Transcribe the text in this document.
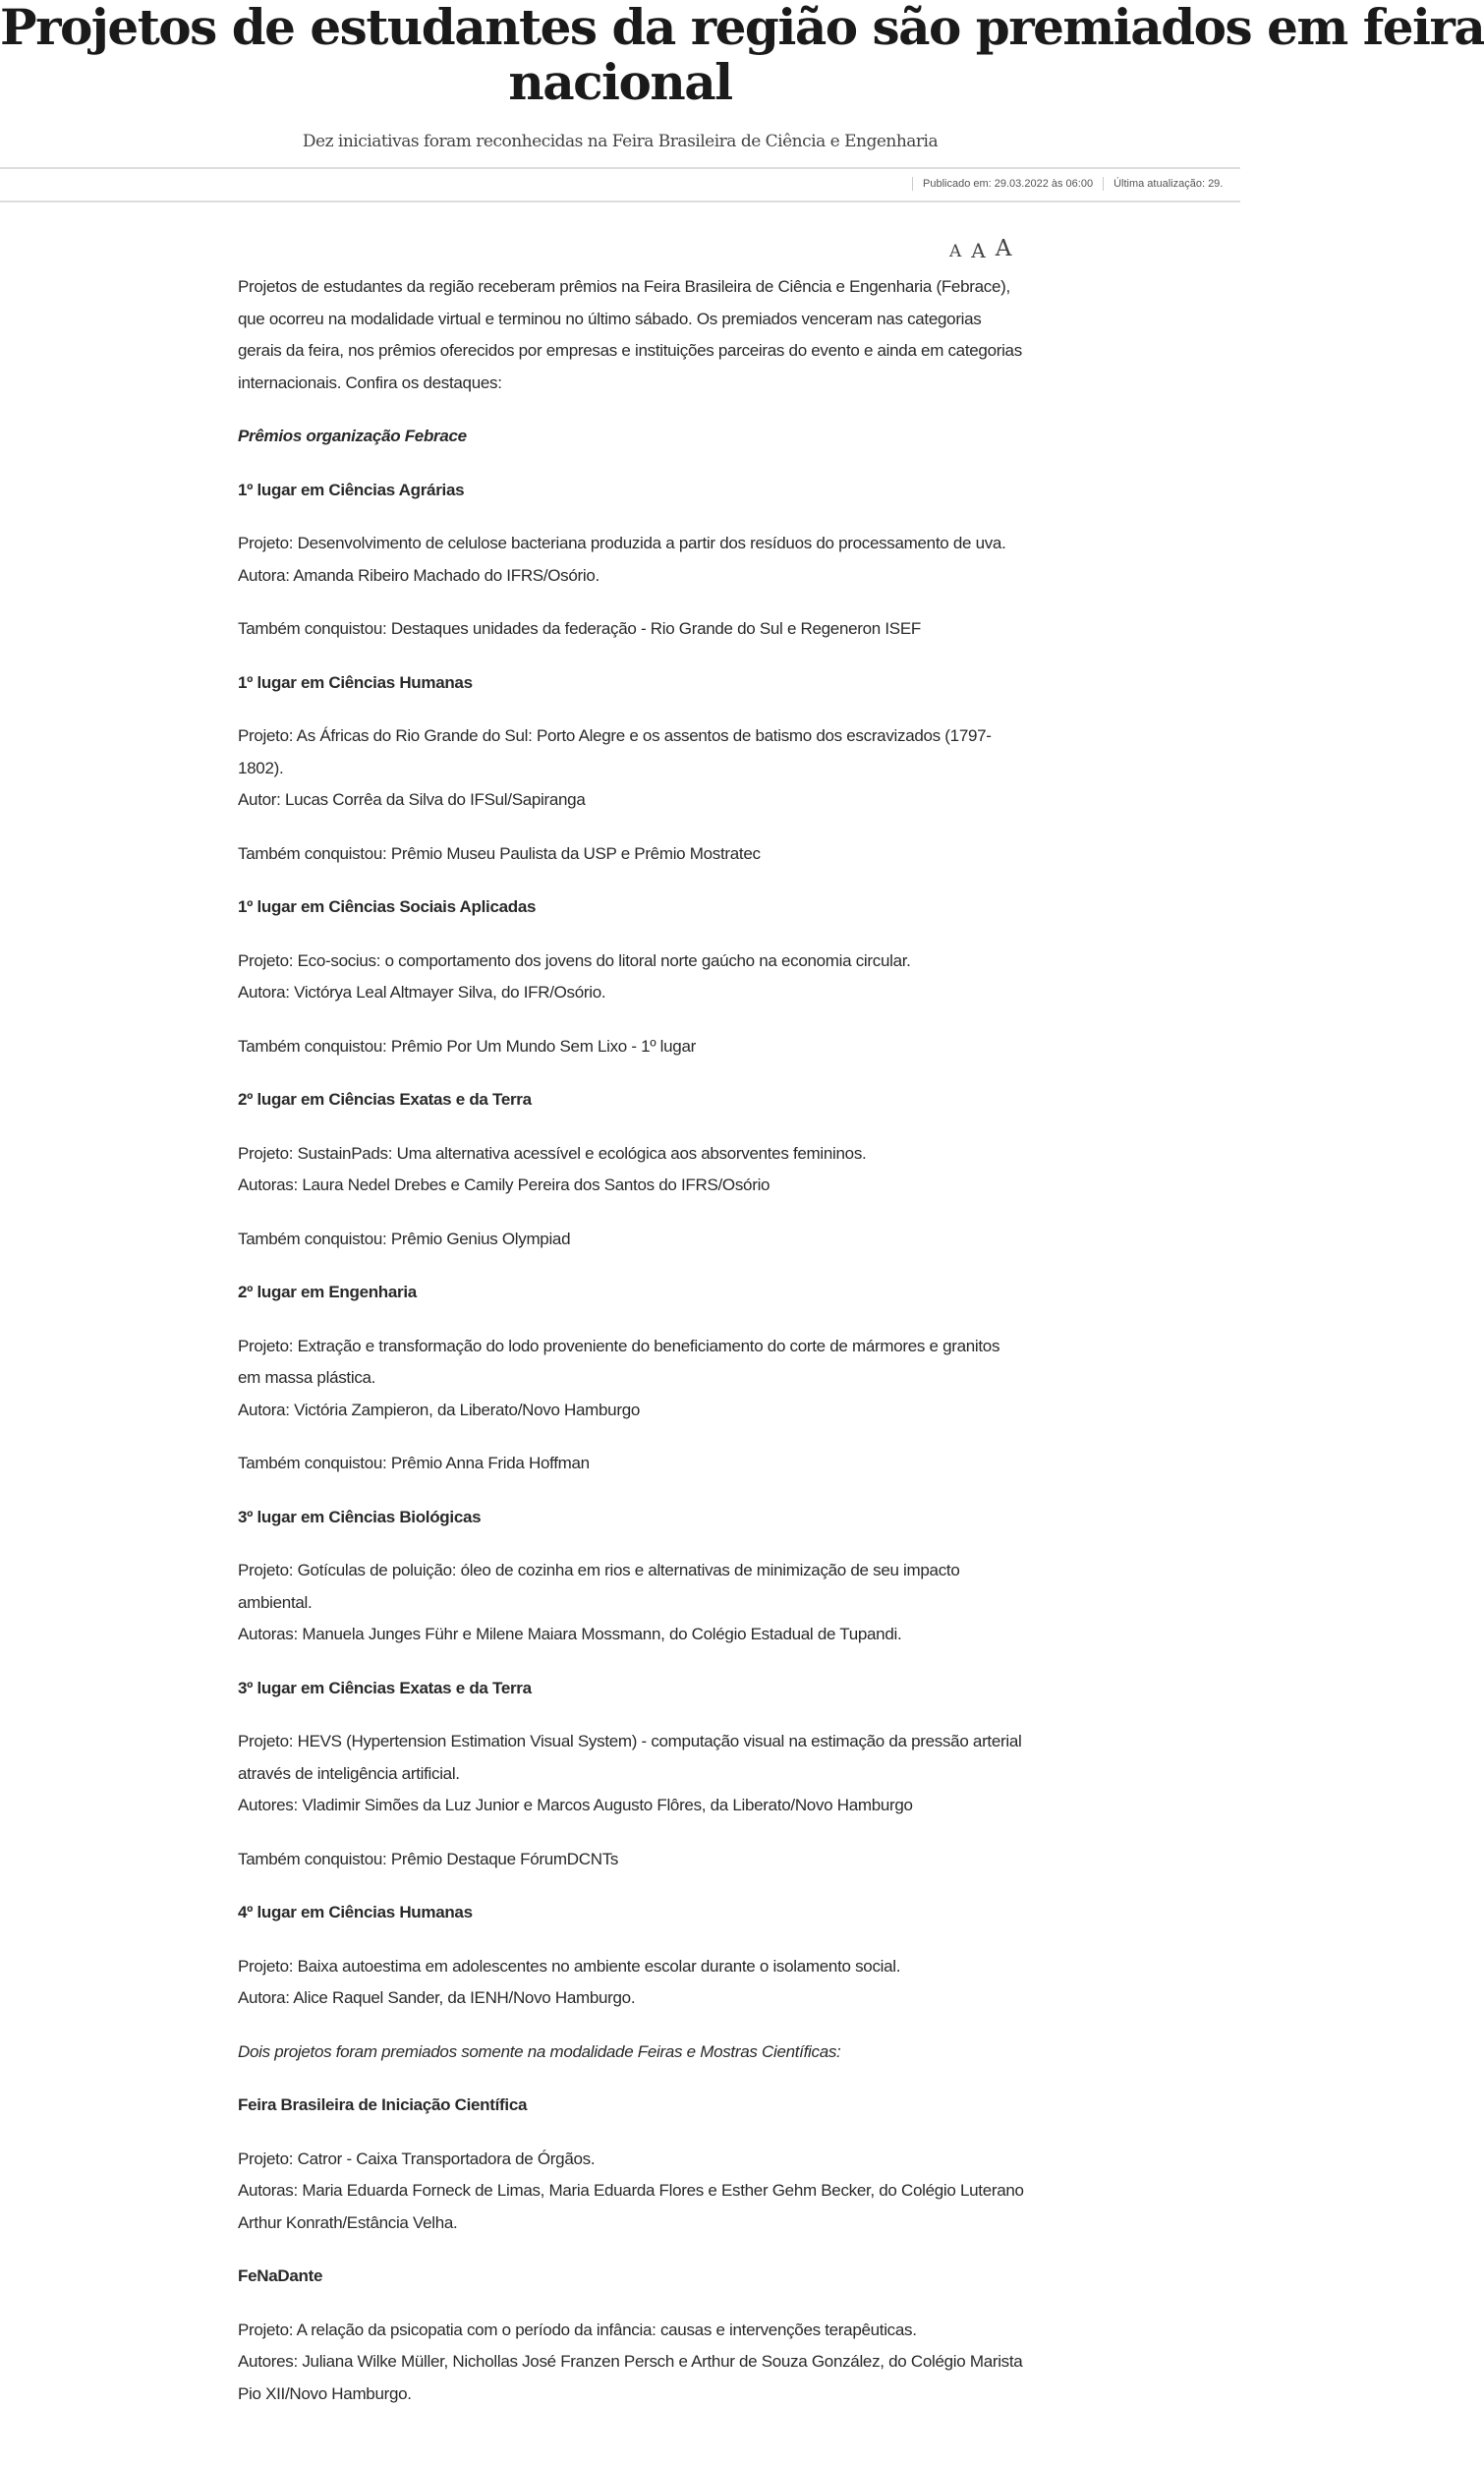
Projetos de estudantes da região são premiados em feira
nacional

Dez iniciativas foram reconhecidas na Feira Brasileira de Ciência e Engenharia

Publicado em: 29.03.2022 às 06:00	Última atualização: 29.
A A A

Projetos de estudantes da região receberam prêmios na Feira Brasileira de Ciência e Engenharia (Febrace), que ocorreu na modalidade virtual e terminou no último sábado. Os premiados venceram nas categorias gerais da feira, nos prêmios oferecidos por empresas e instituições parceiras do evento e ainda em categorias internacionais. Confira os destaques:

Prêmios organização Febrace

1º lugar em Ciências Agrárias

Projeto: Desenvolvimento de celulose bacteriana produzida a partir dos resíduos do processamento de uva.
Autora: Amanda Ribeiro Machado do IFRS/Osório.

Também conquistou: Destaques unidades da federação - Rio Grande do Sul e Regeneron ISEF

1º lugar em Ciências Humanas

Projeto: As Áfricas do Rio Grande do Sul: Porto Alegre e os assentos de batismo dos escravizados (1797-1802).
Autor: Lucas Corrêa da Silva do IFSul/Sapiranga

Também conquistou: Prêmio Museu Paulista da USP e Prêmio Mostratec

1º lugar em Ciências Sociais Aplicadas

Projeto: Eco-socius: o comportamento dos jovens do litoral norte gaúcho na economia circular.
Autora: Victórya Leal Altmayer Silva, do IFR/Osório.

Também conquistou: Prêmio Por Um Mundo Sem Lixo - 1º lugar

2º lugar em Ciências Exatas e da Terra

Projeto: SustainPads: Uma alternativa acessível e ecológica aos absorventes femininos.
Autoras: Laura Nedel Drebes e Camily Pereira dos Santos do IFRS/Osório

Também conquistou: Prêmio Genius Olympiad

2º lugar em Engenharia

Projeto: Extração e transformação do lodo proveniente do beneficiamento do corte de mármores e granitos em massa plástica.
Autora: Victória Zampieron, da Liberato/Novo Hamburgo

Também conquistou: Prêmio Anna Frida Hoffman

3º lugar em Ciências Biológicas

Projeto: Gotículas de poluição: óleo de cozinha em rios e alternativas de minimização de seu impacto ambiental.
Autoras: Manuela Junges Führ e Milene Maiara Mossmann, do Colégio Estadual de Tupandi.

3º lugar em Ciências Exatas e da Terra

Projeto: HEVS (Hypertension Estimation Visual System) - computação visual na estimação da pressão arterial através de inteligência artificial.
Autores: Vladimir Simões da Luz Junior e Marcos Augusto Flôres, da Liberato/Novo Hamburgo

Também conquistou: Prêmio Destaque FórumDCNTs

4º lugar em Ciências Humanas

Projeto: Baixa autoestima em adolescentes no ambiente escolar durante o isolamento social.
Autora: Alice Raquel Sander, da IENH/Novo Hamburgo.

Dois projetos foram premiados somente na modalidade Feiras e Mostras Científicas:

Feira Brasileira de Iniciação Científica

Projeto: Catror - Caixa Transportadora de Órgãos.
Autoras: Maria Eduarda Forneck de Limas, Maria Eduarda Flores e Esther Gehm Becker, do Colégio Luterano Arthur Konrath/Estância Velha.

FeNaDante

Projeto: A relação da psicopatia com o período da infância: causas e intervenções terapêuticas.
Autores: Juliana Wilke Müller, Nichollas José Franzen Persch e Arthur de Souza González, do Colégio Marista Pio XII/Novo Hamburgo.
